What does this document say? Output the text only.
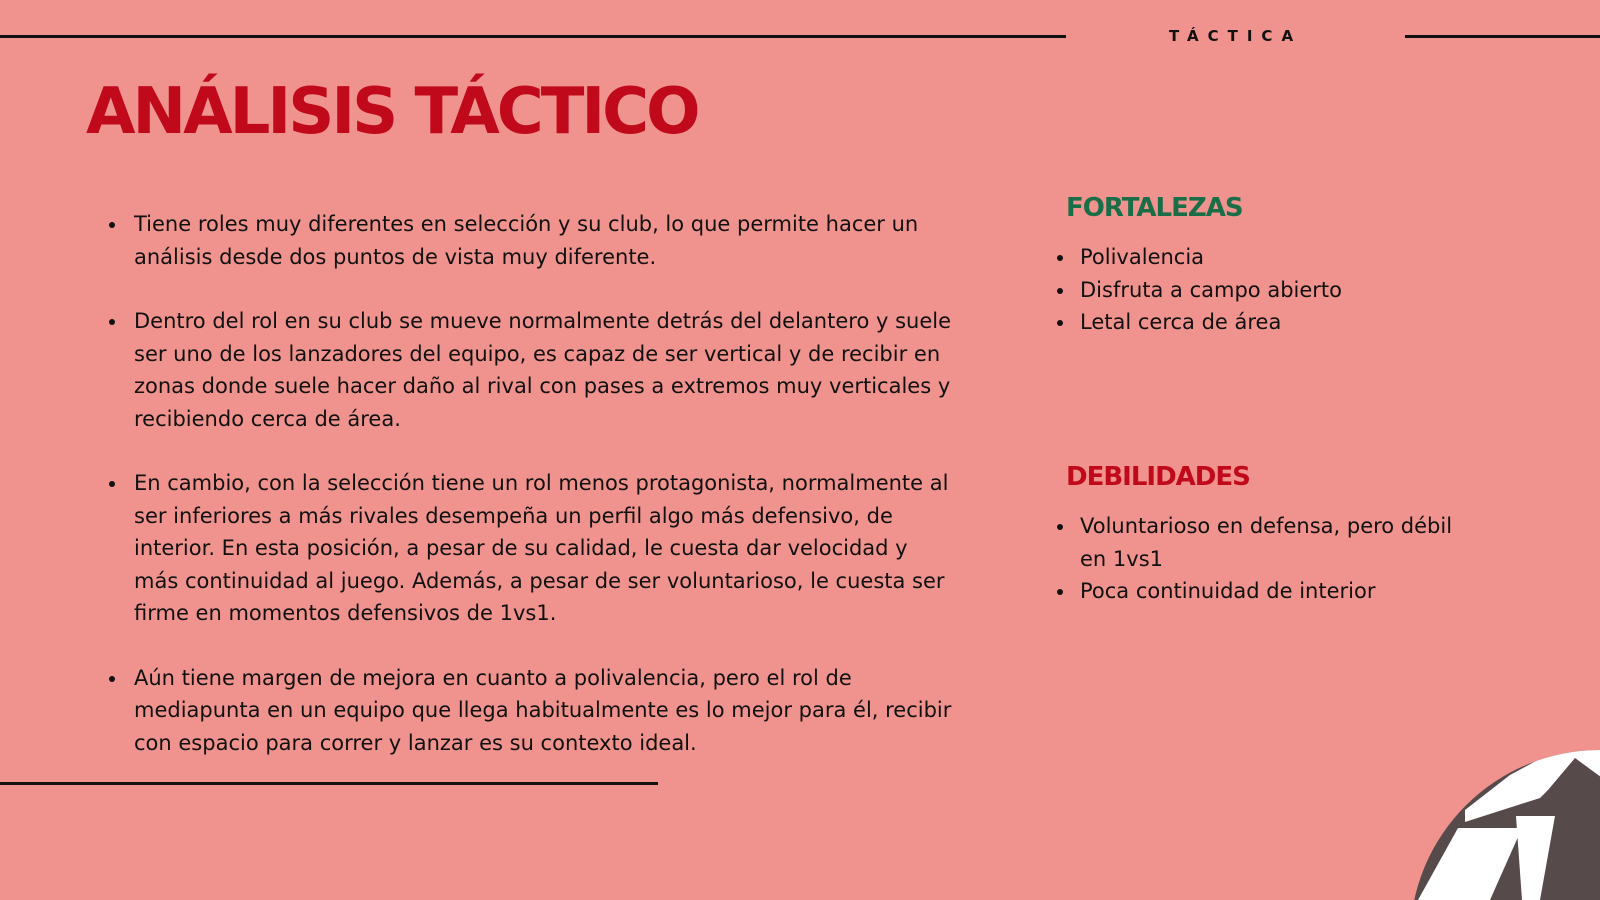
TÁCTICA
ANÁLISIS TÁCTICO
• Tiene roles muy diferentes en selección y su club, lo que permite hacer un análisis desde dos puntos de vista muy diferente.
• Dentro del rol en su club se mueve normalmente detrás del delantero y suele ser uno de los lanzadores del equipo, es capaz de ser vertical y de recibir en zonas donde suele hacer daño al rival con pases a extremos muy verticales y recibiendo cerca de área.
• En cambio, con la selección tiene un rol menos protagonista, normalmente al ser inferiores a más rivales desempeña un perfil algo más defensivo, de interior. En esta posición, a pesar de su calidad, le cuesta dar velocidad y más continuidad al juego. Además, a pesar de ser voluntarioso, le cuesta ser firme en momentos defensivos de 1vs1.
• Aún tiene margen de mejora en cuanto a polivalencia, pero el rol de mediapunta en un equipo que llega habitualmente es lo mejor para él, recibir con espacio para correr y lanzar es su contexto ideal.
FORTALEZAS
• Polivalencia
• Disfruta a campo abierto
• Letal cerca de área
DEBILIDADES
• Voluntarioso en defensa, pero débil en 1vs1
• Poca continuidad de interior
